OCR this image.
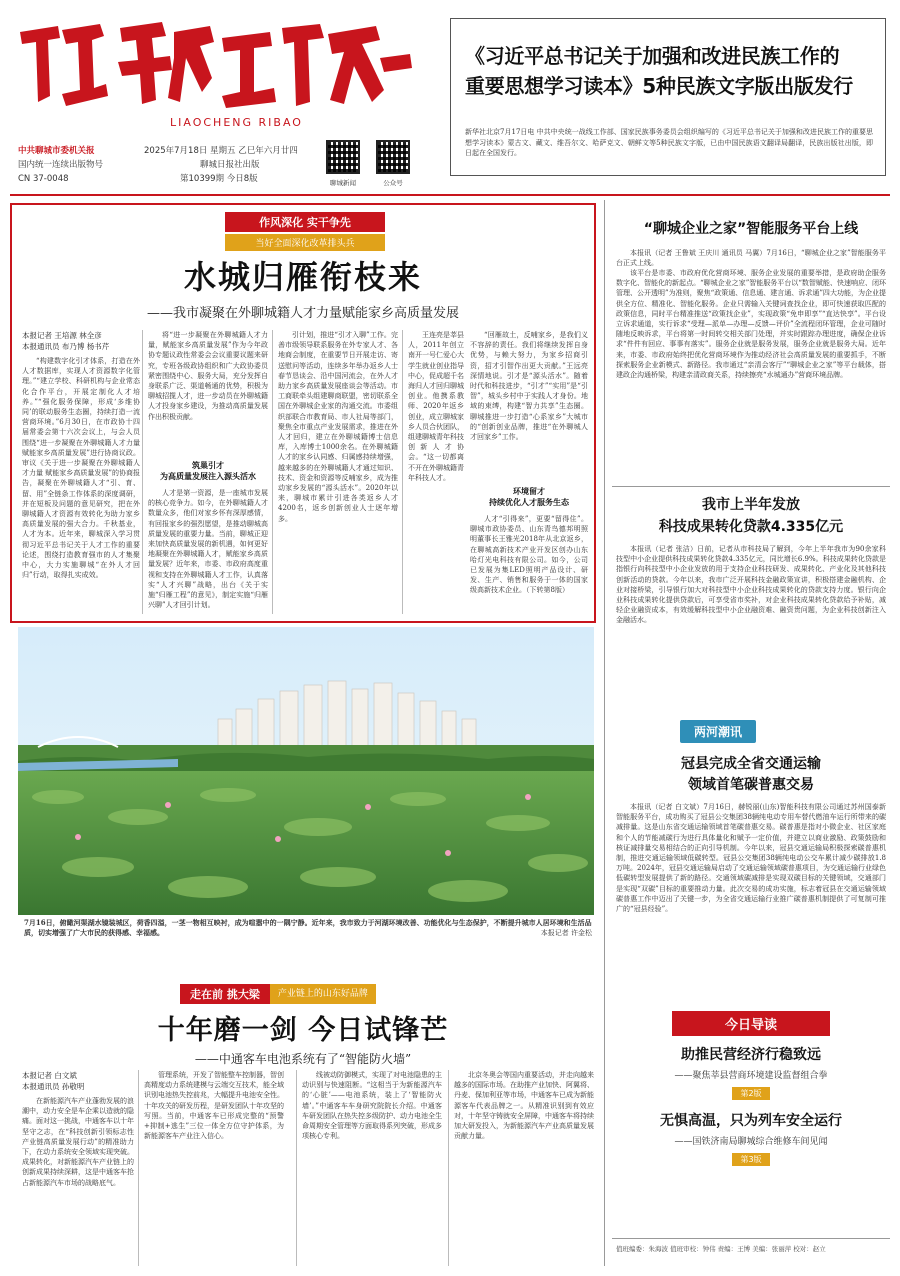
LIAOCHENG RIBAO
中共聊城市委机关报
国内统一连续出版物号
CN 37-0048
2025年7月18日 星期五 乙巳年六月廿四
聊城日报社出版
第10399期 今日8版	聊城新闻	公众号
《习近平总书记关于加强和改进民族工作的
重要思想学习读本》5种民族文字版出版发行
新华社北京7月17日电 中共中央统一战线工作部、国家民族事务委员会组织编写的《习近平总书记关于加强和改进民族工作的重要思想学习读本》蒙古文、藏文、维吾尔文、哈萨克文、朝鲜文等5种民族文字版，已由中国民族语文翻译局翻译，民族出版社出版，即日起在全国发行。
作风深化 实干争先
当好全面深化改革排头兵
水城归雁衔枝来
——我市凝聚在外聊城籍人才力量赋能家乡高质量发展
本报记者 王培源 林全彦
本报通讯员 布乃博 杨书芹

“构建数字化引才体系，打造在外人才数据库，实现人才资源数字化管理。”“建立学校、科研机构与企业常态化合作平台，开展定制化人才培养。”“强化服务保障，形成‘多维协同’的联动服务生态圈，持续打造一流营商环境。”6月30日，在市政协十四届常委会第十六次会议上，与会人员围绕“进一步凝聚在外聊城籍人才力量 赋能家乡高质量发展”进行协商议政。审议《关于进一步凝聚在外聊城籍人才力量 赋能家乡高质量发展”的协商报告，凝聚在外聊城籍人才“引、育、留、用”全链条工作体系的深度调研，并在短板及问题的意见研究，把在外聊城籍人才资源有效转化为助力家乡高质量发展的强大合力。千秋基业，人才为本。近年来，聊城深入学习贯彻习近平总书记关于人才工作的重要论述，围绕打造教育强市的人才集聚中心，大力实施聊城“在外人才回归”行动，取得扎实成效。

将“进一步凝聚在外聊城籍人才力量，赋能家乡高质量发展”作为今年政协专题议政性常委会会议重要议题来研究，专班各级政协组织和广大政协委员紧密围绕中心、服务大局，充分发挥自身联系广泛、渠道畅通的优势，积极为聊城招揽人才，进一步动员在外聊城籍人才投身家乡建设，为推动高质量发展作出积极贡献。

筑巢引才
为高质量发展注入源头活水

人才是第一资源，是一座城市发展的核心竞争力。如今，在外聊城籍人才数量众多，他们对家乡怀有深厚感情，有回报家乡的强烈愿望，是推动聊城高质量发展的重要力量。当前，聊城正迎来加快高质量发展的新机遇，如何更好地凝聚在外聊城籍人才，赋能家乡高质量发展？近年来，市委、市政府高度重视和支持在外聊城籍人才工作，认真落实“人才兴聊”战略，出台《关于实施“归雁工程”的意见》，制定实施“归雁兴聊”人才回引计划。

引计划，推进“引才入聊”工作。完善市级领导联系服务在外专家人才、各地商会制度，在重要节日开展走访、寄送慰问等活动，连续多年举办返乡人士春节恳谈会、沿中国河流会，在外人才助力家乡高质量发展座谈会等活动。市工商联牵头组建聊商联盟，密切联系全国在外聊城企业家的沟通交流。市委组织部联合市教育局、市人社局等部门，聚焦全市重点产业发展需求，推进在外人才回归，建立在外聊城籍博士信息库，入库博士1000余名。在外聊城籍人才的家乡认同感、归属感持续增强，越来越多的在外聊城籍人才通过知识、技术、资金和资源等反哺家乡，成为推动家乡发展的“源头活水”。2020年以来，聊城市累计引进各类返乡人才4200名，返乡创新创业人士逐年增多。

王连亮是莘县人，2011年创立南开一号仁爱心大学生就业创业指导中心，促成超千名海归人才回归聊城创业。他携系教师、2020年返乡创业，成立聊城家乡人员合伙团队，组建聊城青年科技创新人才协会。“这一切都离不开在外聊城籍青年科技人才。

“回雁故土，反哺家乡，是我们义不容辞的责任。我们将继续发挥自身优势，与赖大努力，为家乡招商引资，招才引智作出更大贡献。”王远亮深情地说。引才是“源头活水”。随着时代和科技进步，“引才”“实用”是“引智”，城头乡村中于实践人才身份。地域的束缚，构建“智力共享”生态圈。聊城推进一步打造“心系家乡”大城市的“创新创业品牌，推进“在外聊城人才回家乡”工作。

环境留才
持续优化人才服务生态

人才“引得来”，更要“留得住”。聊城市政协委员、山东青鸟德邦明照明董事长王雅光2018年从北京返乡，在聊城高新技术产业开发区创办山东哈灯光电科技有限公司。如今，公司已发展为集LED照明产品设计、研发、生产、销售和服务于一体的国家级高新技术企业。（下转第8版）

7月16日，俯瞰河渠湖水镜装城区，荷香四溢，一茎一物相互映衬，成为喧嚣中的一隅宁静。近年来，我市致力于河湖环境改善、功能优化与生态保护，不断提升城市人居环境和生活品质，切实增强了广大市民的获得感、幸福感。	本报记者 许金松
走在前 挑大梁	产业链上的山东好品牌
十年磨一剑 今日试锋芒
——中通客车电池系统有了“智能防火墙”
本报记者 白文斌
本报通讯员 孙敬明

在新能源汽车产业蓬勃发展的浪潮中，动力安全是车企乘以造就的隐痛。面对这一挑战，中通客车以十年坚守之志，在“科技创新引领标志性产业链高质量发展行动”的精准助力下，在动力系统安全领域实现突破。成果转化，对新能源汽车产业链上的创新成果持续深耕，这是中通客车抢占新能源汽车市场的战略底气。

管理系统，开发了智能整车控制器，智创高精度动力系统建模与云端交互技术，能全域识别电池热失控前兆，大幅提升电池安全性。十年攻关的研发历程，是研发团队十年攻坚的写照。当前，中通客车已形成完整的“预警+抑制+逃生”三位一体全方位守护体系，为新能源客车产业注入信心。

线被动防御模式，实现了对电池隐患的主动识别与快速阻断。“这相当于为新能源汽车的‘心脏’——电池系统，装上了‘智能防火墙’。”中通客车车身研究院院长介绍。中通客车研发团队在热失控多级防护、动力电池全生命周期安全管理等方面取得系列突破，形成多项核心专利。

北京冬奥会等国内重要活动，并走向越来越多的国际市场。在助推产业加快、阿翼将、丹麦、保加利亚等市场，中通客车已成为新能源客车代表品牌之一。从精准识别到有效应对，十年坚守铸就安全屏障，中通客车将持续加大研发投入，为新能源汽车产业高质量发展贡献力量。

“聊城企业之家”智能服务平台上线

本报讯（记者 王鲁斌 王庆川 通讯员 马翼）7月16日，“聊城企业之家”智能服务平台正式上线。

该平台是市委、市政府优化营商环境、服务企业发展的重要举措，是政府助企服务数字化、智能化的新起点。“聊城企业之家”智能服务平台以“数智赋能、快速响应、闭环管理、公开透明”为准则，聚焦“政策通、信息通、建言通、诉求通”四大功能，为企业提供全方位、精准化、智能化服务。企业只需输入关键词查找企业，即可快速获取匹配的政策信息，同时平台精准推送“政策找企业”，实现政策“免申即享”“直达快享”。平台设立诉求通道，实行诉求“受理—派单—办理—反馈—评价”全流程闭环管理，企业可随时随地反映诉求，平台将第一时间转交相关部门处理，并实时跟踪办理进度，确保企业诉求“件件有回应、事事有落实”。服务企业就是服务发展，服务企业就是服务大局。近年来，市委、市政府始终把优化营商环境作为推动经济社会高质量发展的重要抓手，不断探索服务企业新模式、新路径。我市通过“亲清会客厅”“聊城企业之家”等平台载体，搭建政企沟通桥梁，构建亲清政商关系，持续擦亮“水城通办”营商环境品牌。

我市上半年发放
科技成果转化贷款4.335亿元

本报讯（记者 张洁）日前，记者从市科技局了解到，今年上半年我市为90余家科技型中小企业提供科技成果转化贷款4.335亿元，同比增长6.9%。科技成果转化贷款是指银行向科技型中小企业发放的用于支持企业科技研发、成果转化、产业化及其他科技创新活动的贷款。今年以来，我市广泛开展科技金融政策宣讲，积极搭建金融机构、企业对接桥梁，引导银行加大对科技型中小企业科技成果转化的贷款支持力度。银行向企业科技成果转化提供贷款后，可享受省市奖补，对企业科技成果转化贷款给予补贴，减轻企业融资成本，有效缓解科技型中小企业融资难、融资贵问题，为企业科技创新注入金融活水。

两河潮讯
冠县完成全省交通运输
领域首笔碳普惠交易

本报讯（记者 白文斌）7月16日，赫锐丽(山东)智能科技有限公司通过苏州国泰新智能服务平台，成功购买了冠县公交集团38辆纯电动专用车替代燃油车运行所带来的碳减排量。这是山东省交通运输领域首笔碳普惠交易。碳普惠是指对小微企业、社区家庭和个人的节能减碳行为进行具体量化和赋予一定价值，并建立以商业激励、政策鼓励和核证减排量交易相结合的正向引导机制。今年以来，冠县交通运输局积极探索碳普惠机制，推进交通运输领域低碳转型。冠县公交集团38辆纯电动公交车累计减少碳排放1.8万吨。2024年，冠县交通运输局启动了交通运输领域碳普惠项目，为交通运输行业绿色低碳转型发展提供了新的路径。交通领域碳减排是实现双碳目标的关键领域，交通部门是实现“双碳”目标的重要推动力量。此次交易的成功实施，标志着冠县在交通运输领域碳普惠工作中迈出了关键一步，为全省交通运输行业推广碳普惠机制提供了可复制可推广的“冠县经验”。

今日导读
助推民营经济行稳致远
——聚焦莘县营商环境建设监督组合拳
第2版
无惧高温，只为列车安全运行
——国铁济南局聊城综合维修车间见闻
第3版
值班编委：朱海波 值班审校：钟伟 责编：王博 美编：张丽萍 校对：赵立
